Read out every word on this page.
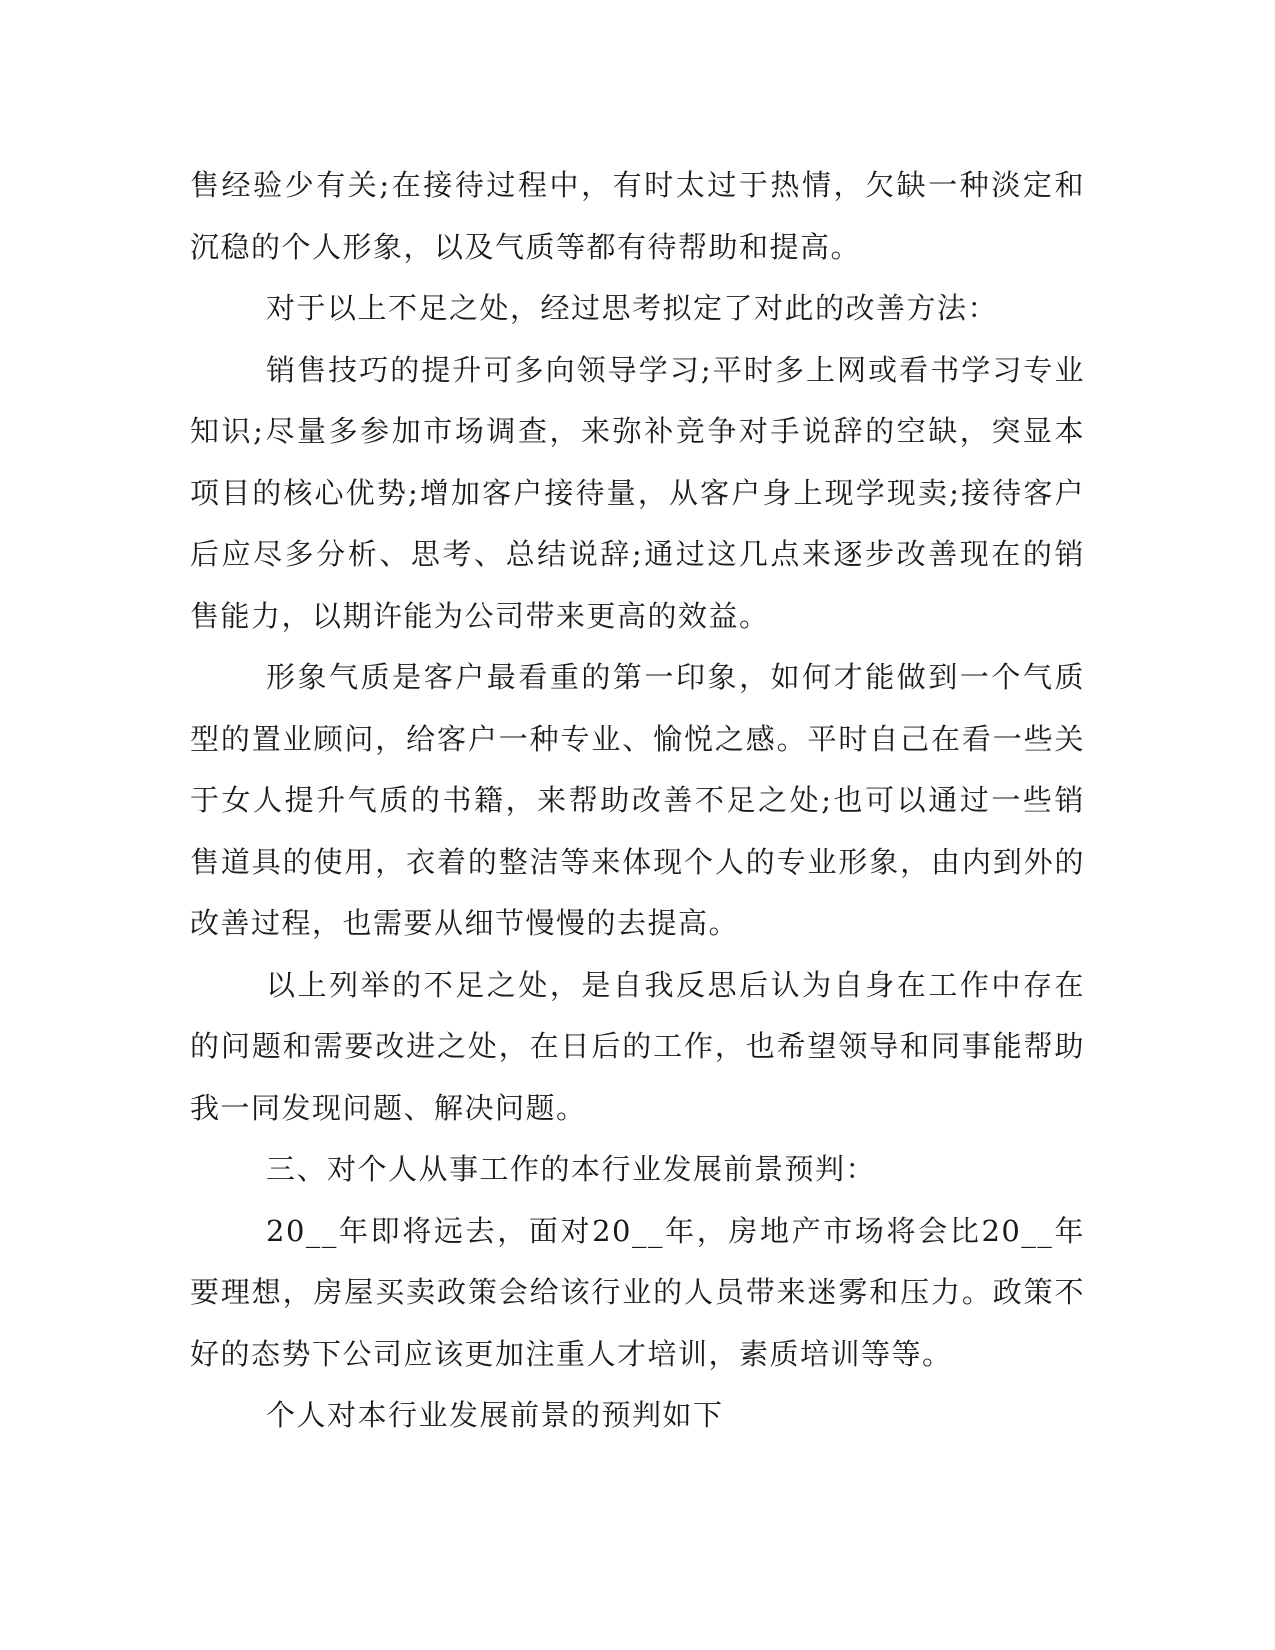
售经验少有关;在接待过程中，有时太过于热情，欠缺一种淡定和沉稳的个人形象，以及气质等都有待帮助和提高。

对于以上不足之处，经过思考拟定了对此的改善方法：

销售技巧的提升可多向领导学习;平时多上网或看书学习专业知识;尽量多参加市场调查，来弥补竞争对手说辞的空缺，突显本项目的核心优势;增加客户接待量，从客户身上现学现卖;接待客户后应尽多分析、思考、总结说辞;通过这几点来逐步改善现在的销售能力，以期许能为公司带来更高的效益。

形象气质是客户最看重的第一印象，如何才能做到一个气质型的置业顾问，给客户一种专业、愉悦之感。平时自己在看一些关于女人提升气质的书籍，来帮助改善不足之处;也可以通过一些销售道具的使用，衣着的整洁等来体现个人的专业形象，由内到外的改善过程，也需要从细节慢慢的去提高。

以上列举的不足之处，是自我反思后认为自身在工作中存在的问题和需要改进之处，在日后的工作，也希望领导和同事能帮助我一同发现问题、解决问题。

三、对个人从事工作的本行业发展前景预判：

20__年即将远去，面对20__年，房地产市场将会比20__年要理想，房屋买卖政策会给该行业的人员带来迷雾和压力。政策不好的态势下公司应该更加注重人才培训，素质培训等等。

个人对本行业发展前景的预判如下
